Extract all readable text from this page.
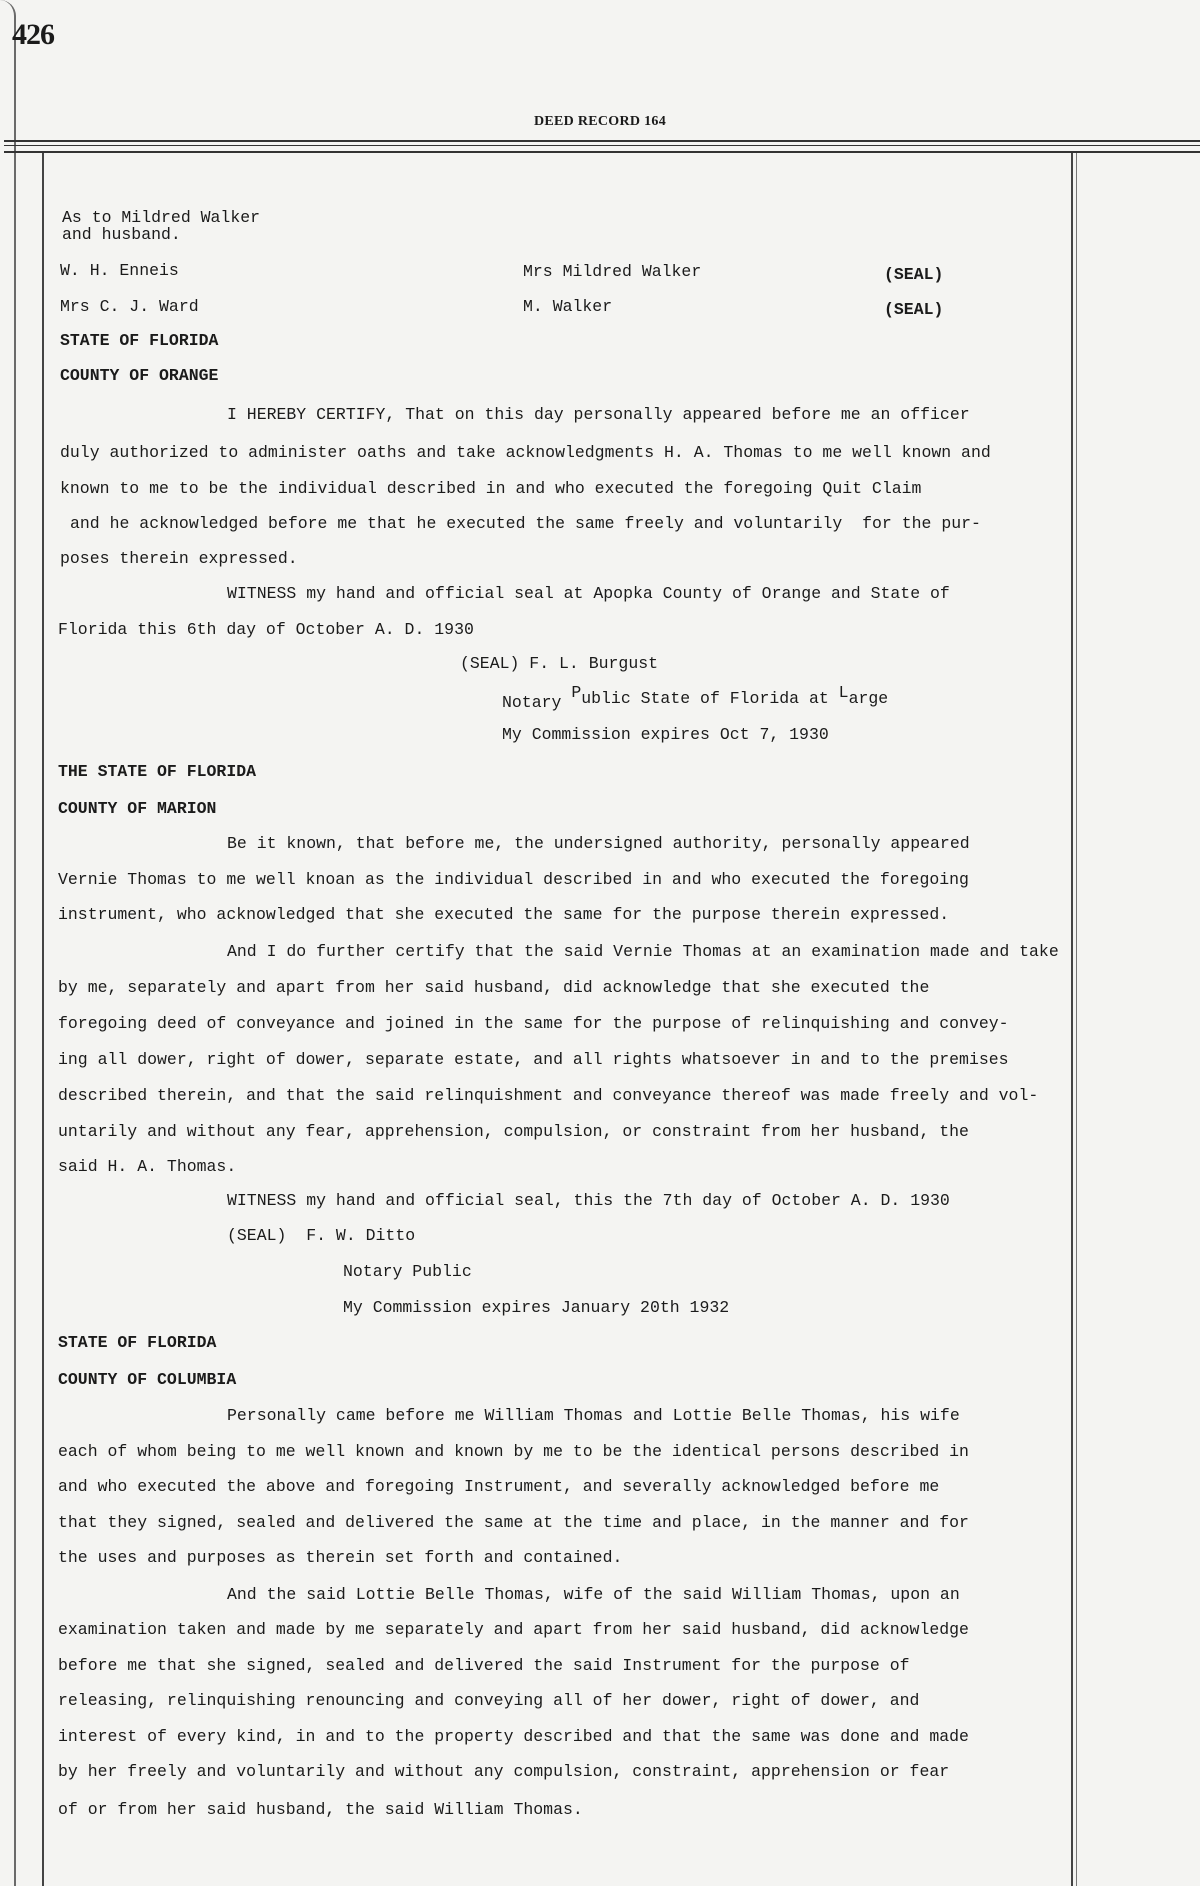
426
DEED RECORD 164
As to Mildred Walker
and husband.
W. H. Enneis	Mrs Mildred Walker	(SEAL)
Mrs C. J. Ward	M. Walker	(SEAL)
STATE OF FLORIDA
COUNTY OF ORANGE
I HEREBY CERTIFY, That on this day personally appeared before me an officer
duly authorized to administer oaths and take acknowledgments H. A. Thomas to me well known and
known to me to be the individual described in and who executed the foregoing Quit Claim
and he acknowledged before me that he executed the same freely and voluntarily  for the pur-
poses therein expressed.
WITNESS my hand and official seal at Apopka County of Orange and State of
Florida this 6th day of October A. D. 1930
(SEAL) F. L. Burgust
Notary Public State of Florida at Large
My Commission expires Oct 7, 1930
THE STATE OF FLORIDA
COUNTY OF MARION
Be it known, that before me, the undersigned authority, personally appeared
Vernie Thomas to me well knoan as the individual described in and who executed the foregoing
instrument, who acknowledged that she executed the same for the purpose therein expressed.
And I do further certify that the said Vernie Thomas at an examination made and take
by me, separately and apart from her said husband, did acknowledge that she executed the
foregoing deed of conveyance and joined in the same for the purpose of relinquishing and convey-
ing all dower, right of dower, separate estate, and all rights whatsoever in and to the premises
described therein, and that the said relinquishment and conveyance thereof was made freely and vol-
untarily and without any fear, apprehension, compulsion, or constraint from her husband, the
said H. A. Thomas.
WITNESS my hand and official seal, this the 7th day of October A. D. 1930
(SEAL)  F. W. Ditto
Notary Public
My Commission expires January 20th 1932
STATE OF FLORIDA
COUNTY OF COLUMBIA
Personally came before me William Thomas and Lottie Belle Thomas, his wife
each of whom being to me well known and known by me to be the identical persons described in
and who executed the above and foregoing Instrument, and severally acknowledged before me
that they signed, sealed and delivered the same at the time and place, in the manner and for
the uses and purposes as therein set forth and contained.
And the said Lottie Belle Thomas, wife of the said William Thomas, upon an
examination taken and made by me separately and apart from her said husband, did acknowledge
before me that she signed, sealed and delivered the said Instrument for the purpose of
releasing, relinquishing renouncing and conveying all of her dower, right of dower, and
interest of every kind, in and to the property described and that the same was done and made
by her freely and voluntarily and without any compulsion, constraint, apprehension or fear
of or from her said husband, the said William Thomas.
